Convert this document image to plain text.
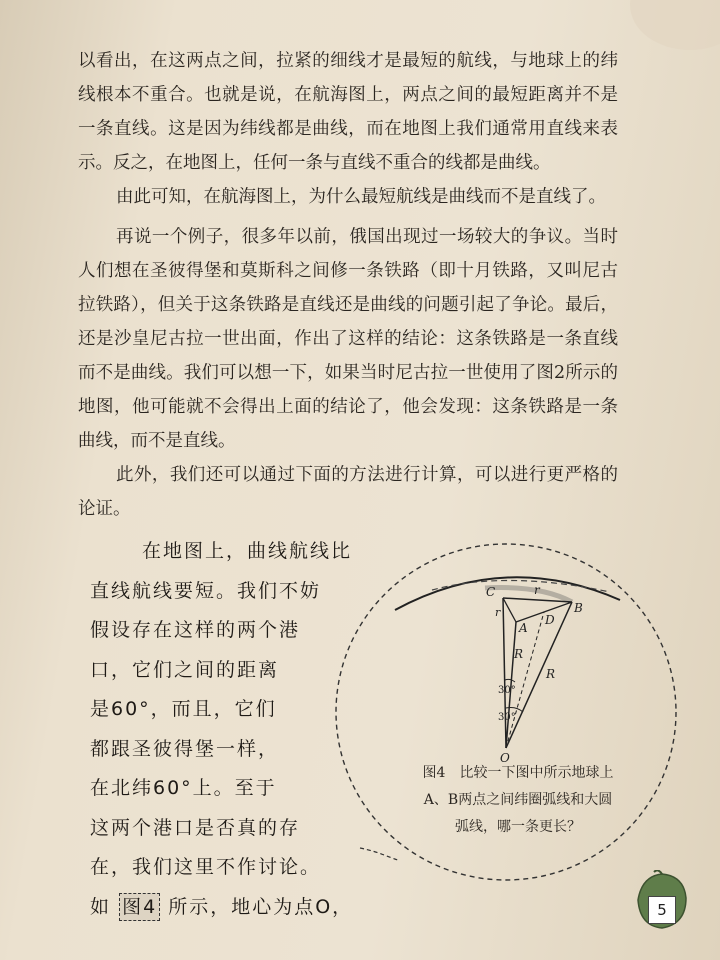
以看出，在这两点之间，拉紧的细线才是最短的航线，与地球上的纬线根本不重合。也就是说，在航海图上，两点之间的最短距离并不是一条直线。这是因为纬线都是曲线，而在地图上我们通常用直线来表示。反之，在地图上，任何一条与直线不重合的线都是曲线。

由此可知，在航海图上，为什么最短航线是曲线而不是直线了。

再说一个例子，很多年以前，俄国出现过一场较大的争议。当时人们想在圣彼得堡和莫斯科之间修一条铁路（即十月铁路，又叫尼古拉铁路），但关于这条铁路是直线还是曲线的问题引起了争论。最后，还是沙皇尼古拉一世出面，作出了这样的结论：这条铁路是一条直线而不是曲线。我们可以想一下，如果当时尼古拉一世使用了图2所示的地图，他可能就不会得出上面的结论了，他会发现：这条铁路是一条曲线，而不是直线。

此外，我们还可以通过下面的方法进行计算，可以进行更严格的论证。

在地图上，曲线航线比
直线航线要短。我们不妨
假设存在这样的两个港
口，它们之间的距离
是60°，而且，它们
都跟圣彼得堡一样，
在北纬60°上。至于
这两个港口是否真的存
在，我们这里不作讨论。
如 图4 所示，地心为点O，
C	r
r	B
A
D
R
R
30°
30°
O
图4　比较一下图中所示地球上
A、B两点之间纬圈弧线和大圆
弧线，哪一条更长？
5
